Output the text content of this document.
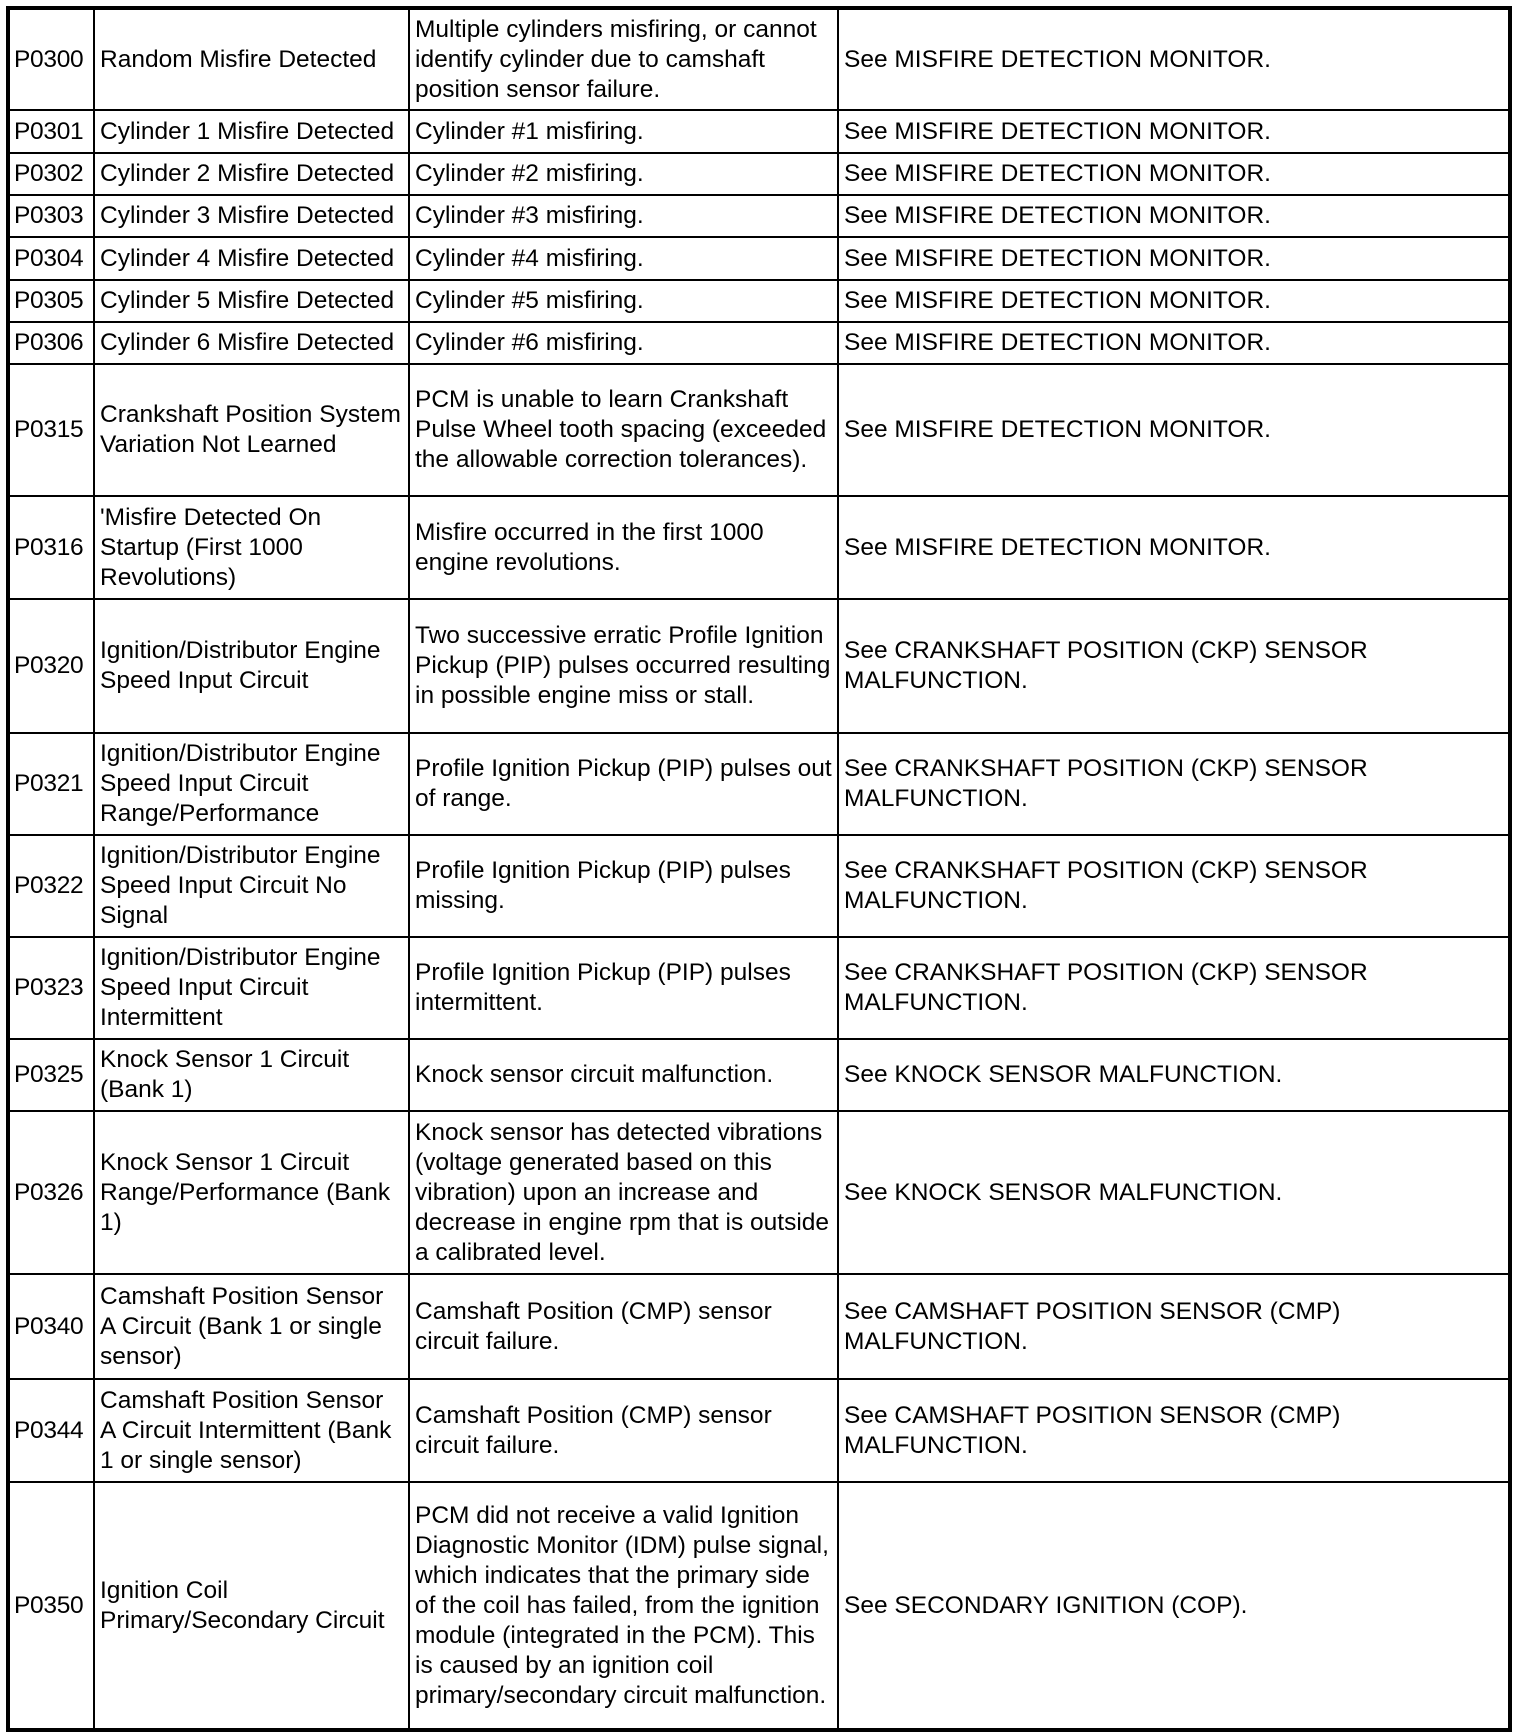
P0300	Random Misfire Detected	Multiple cylinders misfiring, or cannot identify cylinder due to camshaft position sensor failure.	See MISFIRE DETECTION MONITOR.
P0301	Cylinder 1 Misfire Detected	Cylinder #1 misfiring.	See MISFIRE DETECTION MONITOR.
P0302	Cylinder 2 Misfire Detected	Cylinder #2 misfiring.	See MISFIRE DETECTION MONITOR.
P0303	Cylinder 3 Misfire Detected	Cylinder #3 misfiring.	See MISFIRE DETECTION MONITOR.
P0304	Cylinder 4 Misfire Detected	Cylinder #4 misfiring.	See MISFIRE DETECTION MONITOR.
P0305	Cylinder 5 Misfire Detected	Cylinder #5 misfiring.	See MISFIRE DETECTION MONITOR.
P0306	Cylinder 6 Misfire Detected	Cylinder #6 misfiring.	See MISFIRE DETECTION MONITOR.
P0315	Crankshaft Position System Variation Not Learned	PCM is unable to learn Crankshaft Pulse Wheel tooth spacing (exceeded the allowable correction tolerances).	See MISFIRE DETECTION MONITOR.
P0316	'Misfire Detected On Startup (First 1000 Revolutions)	Misfire occurred in the first 1000 engine revolutions.	See MISFIRE DETECTION MONITOR.
P0320	Ignition/Distributor Engine Speed Input Circuit	Two successive erratic Profile Ignition Pickup (PIP) pulses occurred resulting in possible engine miss or stall.	See CRANKSHAFT POSITION (CKP) SENSOR MALFUNCTION.
P0321	Ignition/Distributor Engine Speed Input Circuit Range/Performance	Profile Ignition Pickup (PIP) pulses out of range.	See CRANKSHAFT POSITION (CKP) SENSOR MALFUNCTION.
P0322	Ignition/Distributor Engine Speed Input Circuit No Signal	Profile Ignition Pickup (PIP) pulses missing.	See CRANKSHAFT POSITION (CKP) SENSOR MALFUNCTION.
P0323	Ignition/Distributor Engine Speed Input Circuit Intermittent	Profile Ignition Pickup (PIP) pulses intermittent.	See CRANKSHAFT POSITION (CKP) SENSOR MALFUNCTION.
P0325	Knock Sensor 1 Circuit (Bank 1)	Knock sensor circuit malfunction.	See KNOCK SENSOR MALFUNCTION.
P0326	Knock Sensor 1 Circuit Range/Performance (Bank 1)	Knock sensor has detected vibrations (voltage generated based on this vibration) upon an increase and decrease in engine rpm that is outside a calibrated level.	See KNOCK SENSOR MALFUNCTION.
P0340	Camshaft Position Sensor A Circuit (Bank 1 or single sensor)	Camshaft Position (CMP) sensor circuit failure.	See CAMSHAFT POSITION SENSOR (CMP) MALFUNCTION.
P0344	Camshaft Position Sensor A Circuit Intermittent (Bank 1 or single sensor)	Camshaft Position (CMP) sensor circuit failure.	See CAMSHAFT POSITION SENSOR (CMP) MALFUNCTION.
P0350	Ignition Coil Primary/Secondary Circuit	PCM did not receive a valid Ignition Diagnostic Monitor (IDM) pulse signal, which indicates that the primary side of the coil has failed, from the ignition module (integrated in the PCM). This is caused by an ignition coil primary/secondary circuit malfunction.	See SECONDARY IGNITION (COP).
